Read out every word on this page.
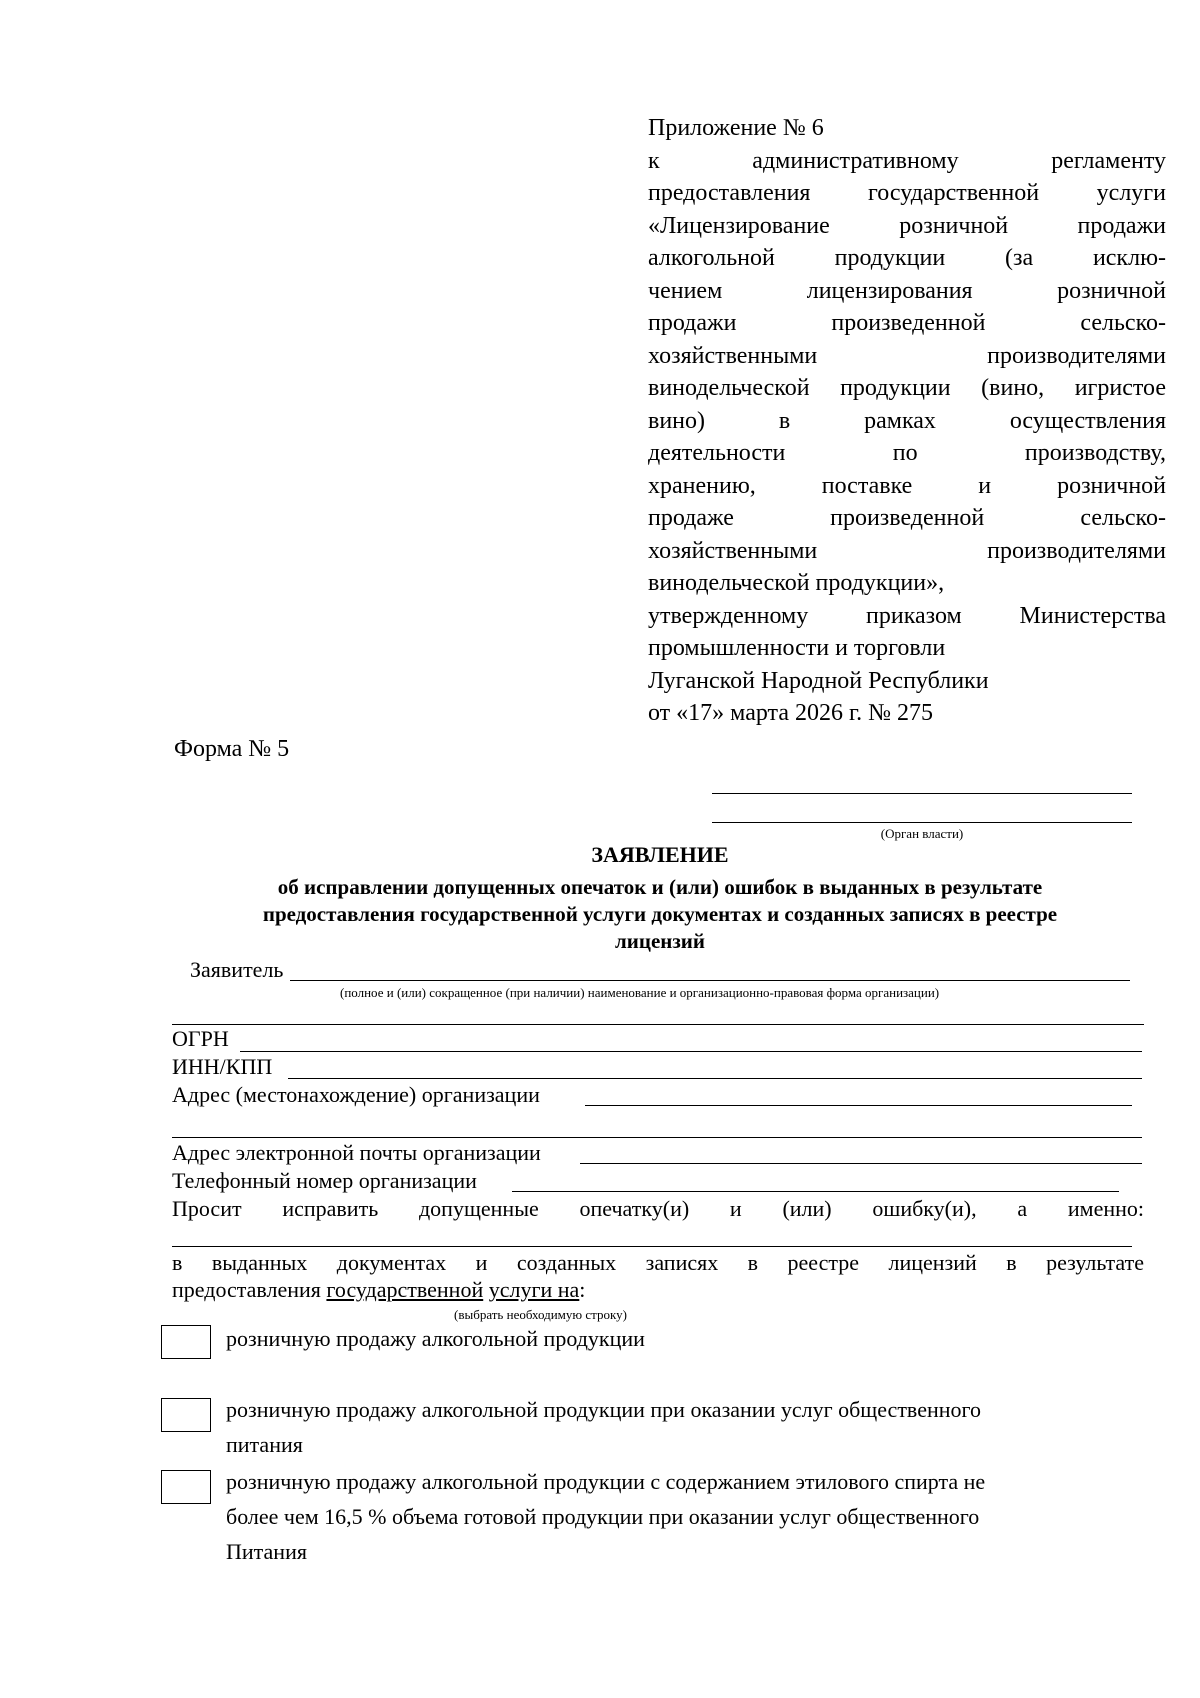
Приложение № 6
к административному регламенту
предоставления государственной услуги
«Лицензирование розничной продажи
алкогольной продукции (за исклю-
чением лицензирования розничной
продажи произведенной сельско-
хозяйственными производителями
винодельческой продукции (вино, игристое
вино) в рамках осуществления
деятельности по производству,
хранению, поставке и розничной
продаже произведенной сельско-
хозяйственными производителями
винодельческой продукции»,
утвержденному приказом Министерства
промышленности и торговли
Луганской Народной Республики
от «17» марта 2026 г. № 275
Форма № 5
(Орган власти)
ЗАЯВЛЕНИЕ
об исправлении допущенных опечаток и (или) ошибок в выданных в результате
предоставления государственной услуги документах и созданных записях в реестре
лицензий
Заявитель
(полное и (или) сокращенное (при наличии) наименование и организационно-правовая форма организации)
ОГРН
ИНН/КПП
Адрес (местонахождение) организации
Адрес электронной почты организации
Телефонный номер организации
Просит исправить допущенные опечатку(и) и (или) ошибку(и), а именно:
в выданных документах и созданных записях в реестре лицензий в результате
предоставления государственной услуги на:
(выбрать необходимую строку)
розничную продажу алкогольной продукции
розничную продажу алкогольной продукции при оказании услуг общественного
питания
розничную продажу алкогольной продукции с содержанием этилового спирта не
более чем 16,5 % объема готовой продукции при оказании услуг общественного
Питания
